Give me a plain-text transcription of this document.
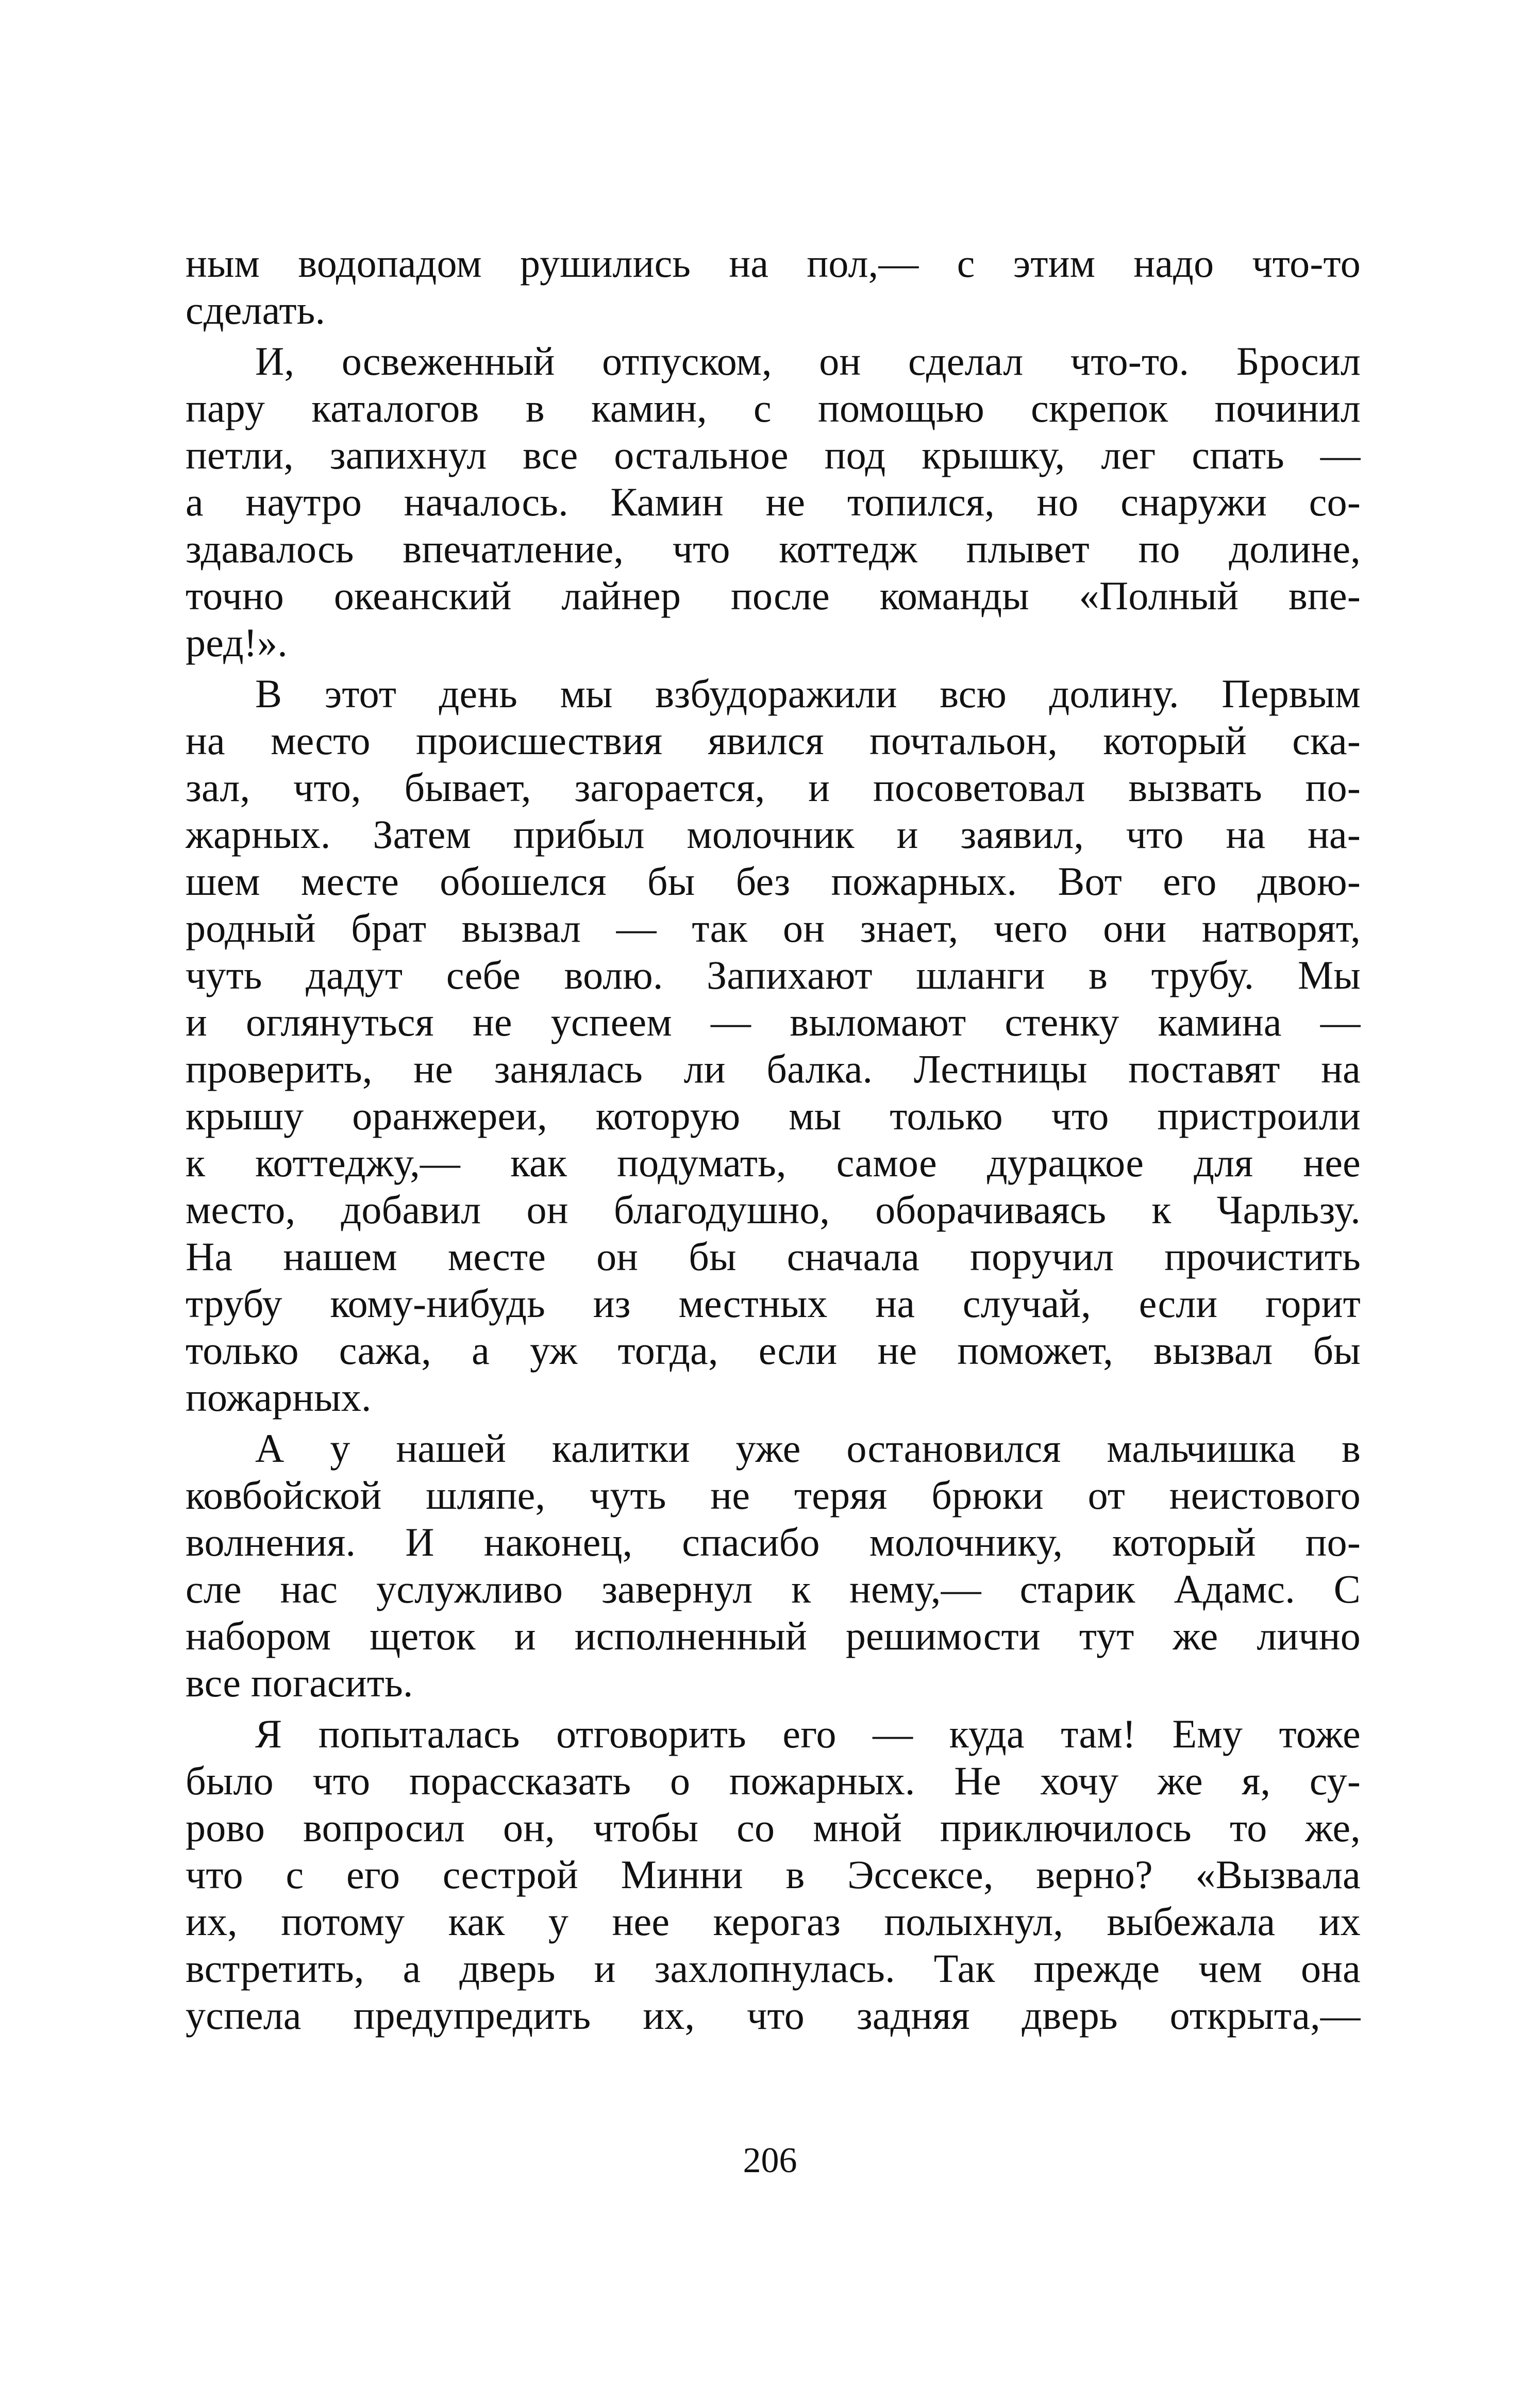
ным водопадом рушились на пол,— с этим надо что-то
сделать.
И, освеженный отпуском, он сделал что-то. Бросил
пару каталогов в камин, с помощью скрепок починил
петли, запихнул все остальное под крышку, лег спать —
а наутро началось. Камин не топился, но снаружи со-
здавалось впечатление, что коттедж плывет по долине,
точно океанский лайнер после команды «Полный впе-
ред!».
В этот день мы взбудоражили всю долину. Первым
на место происшествия явился почтальон, который ска-
зал, что, бывает, загорается, и посоветовал вызвать по-
жарных. Затем прибыл молочник и заявил, что на на-
шем месте обошелся бы без пожарных. Вот его двою-
родный брат вызвал — так он знает, чего они натворят,
чуть дадут себе волю. Запихают шланги в трубу. Мы
и оглянуться не успеем — выломают стенку камина —
проверить, не занялась ли балка. Лестницы поставят на
крышу оранжереи, которую мы только что пристроили
к коттеджу,— как подумать, самое дурацкое для нее
место, добавил он благодушно, оборачиваясь к Чарльзу.
На нашем месте он бы сначала поручил прочистить
трубу кому-нибудь из местных на случай, если горит
только сажа, а уж тогда, если не поможет, вызвал бы
пожарных.
А у нашей калитки уже остановился мальчишка в
ковбойской шляпе, чуть не теряя брюки от неистового
волнения. И наконец, спасибо молочнику, который по-
сле нас услужливо завернул к нему,— старик Адамс. С
набором щеток и исполненный решимости тут же лично
все погасить.
Я попыталась отговорить его — куда там! Ему тоже
было что порассказать о пожарных. Не хочу же я, су-
рово вопросил он, чтобы со мной приключилось то же,
что с его сестрой Минни в Эссексе, верно? «Вызвала
их, потому как у нее керогаз полыхнул, выбежала их
встретить, а дверь и захлопнулась. Так прежде чем она
успела предупредить их, что задняя дверь открыта,—
206
